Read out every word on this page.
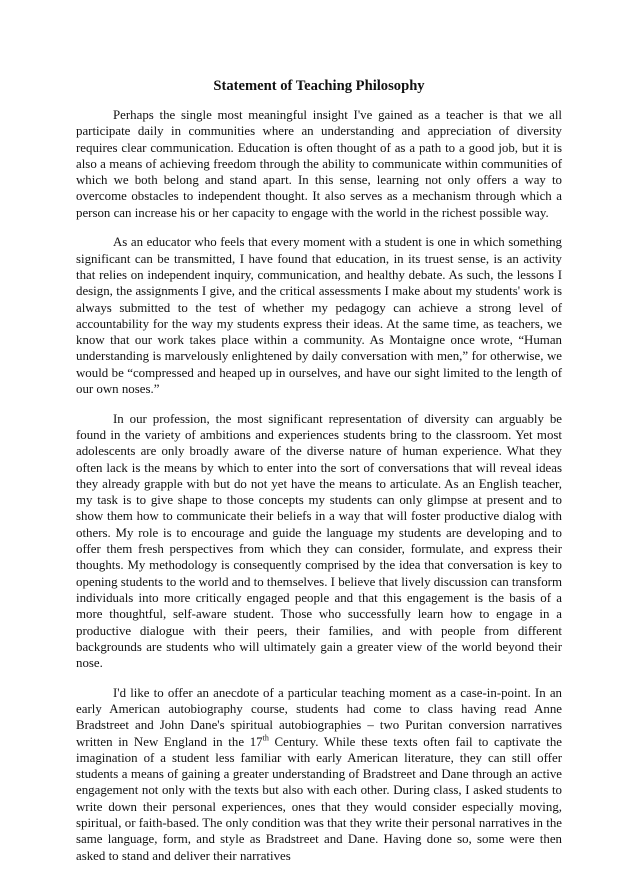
Statement of Teaching Philosophy

Perhaps the single most meaningful insight I've gained as a teacher is that we all participate daily in communities where an understanding and appreciation of diversity requires clear communication. Education is often thought of as a path to a good job, but it is also a means of achieving freedom through the ability to communicate within communities of which we both belong and stand apart. In this sense, learning not only offers a way to overcome obstacles to independent thought. It also serves as a mechanism through which a person can increase his or her capacity to engage with the world in the richest possible way.

As an educator who feels that every moment with a student is one in which something significant can be transmitted, I have found that education, in its truest sense, is an activity that relies on independent inquiry, communication, and healthy debate. As such, the lessons I design, the assignments I give, and the critical assessments I make about my students' work is always submitted to the test of whether my pedagogy can achieve a strong level of accountability for the way my students express their ideas. At the same time, as teachers, we know that our work takes place within a community. As Montaigne once wrote, “Human understanding is marvelously enlightened by daily conversation with men,” for otherwise, we would be “compressed and heaped up in ourselves, and have our sight limited to the length of our own noses.”

In our profession, the most significant representation of diversity can arguably be found in the variety of ambitions and experiences students bring to the classroom. Yet most adolescents are only broadly aware of the diverse nature of human experience. What they often lack is the means by which to enter into the sort of conversations that will reveal ideas they already grapple with but do not yet have the means to articulate. As an English teacher, my task is to give shape to those concepts my students can only glimpse at present and to show them how to communicate their beliefs in a way that will foster productive dialog with others. My role is to encourage and guide the language my students are developing and to offer them fresh perspectives from which they can consider, formulate, and express their thoughts. My methodology is consequently comprised by the idea that conversation is key to opening students to the world and to themselves. I believe that lively discussion can transform individuals into more critically engaged people and that this engagement is the basis of a more thoughtful, self-aware student. Those who successfully learn how to engage in a productive dialogue with their peers, their families, and with people from different backgrounds are students who will ultimately gain a greater view of the world beyond their nose.

I'd like to offer an anecdote of a particular teaching moment as a case-in-point. In an early American autobiography course, students had come to class having read Anne Bradstreet and John Dane's spiritual autobiographies – two Puritan conversion narratives written in New England in the 17th Century. While these texts often fail to captivate the imagination of a student less familiar with early American literature, they can still offer students a means of gaining a greater understanding of Bradstreet and Dane through an active engagement not only with the texts but also with each other. During class, I asked students to write down their personal experiences, ones that they would consider especially moving, spiritual, or faith-based. The only condition was that they write their personal narratives in the same language, form, and style as Bradstreet and Dane. Having done so, some were then asked to stand and deliver their narratives
